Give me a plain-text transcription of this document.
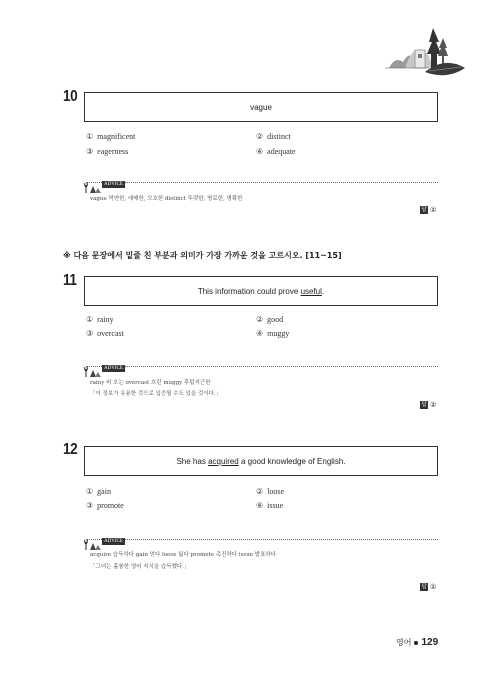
10
vague
① magnificent	② distinct
③ eagerness	④ adequate
ADVICE
vague 막연한, 애매한, 모호한 distinct 뚜렷한, 명료한, 명확한
답 ②
※ 다음 문장에서 밑줄 친 부분과 의미가 가장 가까운 것을 고르시오. [11~15]
11
This information could prove
useful .
① rainy	② good
③ overcast	④ muggy
ADVICE
rainy 비 오는 overcast 흐린 muggy 후텁지근한
「이 정보가 유용한 것으로 입증될 수도 있을 것이다.」
답 ②
12
She has
acquired
a good knowledge of English.
① gain	② loose
③ promote	④ issue
ADVICE
acquire 습득하다 gain 얻다 loose 잃다 promote 촉진하다 issue 발표하다
「그녀는 훌륭한 영어 지식을 습득했다.」
답 ①
영어 129
